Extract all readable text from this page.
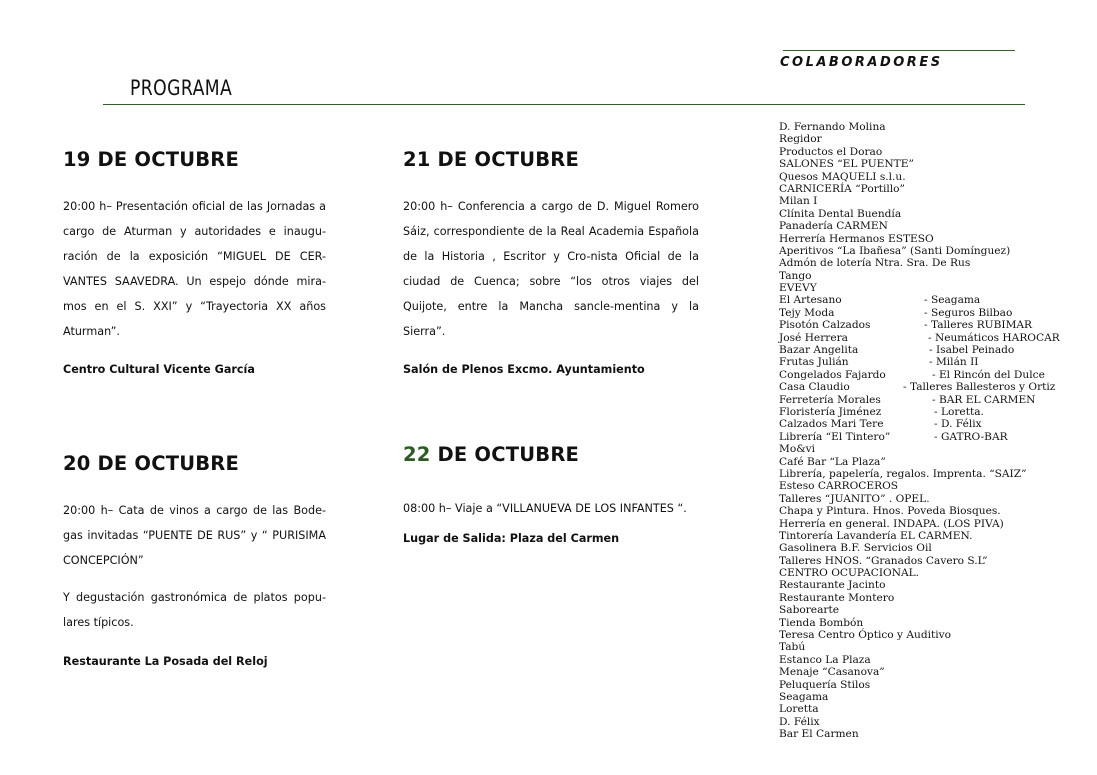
COLABORADORES
PROGRAMA
19 DE OCTUBRE

20:00 h– Presentación oficial de las Jornadas a cargo de Aturman y autoridades e inaugu-ración de la exposición “MIGUEL DE CER-VANTES SAAVEDRA. Un espejo dónde mira-mos en el S. XXI” y “Trayectoria XX años Aturman”.

Centro Cultural Vicente García
20 DE OCTUBRE

20:00 h– Cata de vinos a cargo de las Bode-gas invitadas “PUENTE DE RUS” y “ PURISIMA CONCEPCIÓN”

Y degustación gastronómica de platos popu-lares típicos.

Restaurante La Posada del Reloj
21 DE OCTUBRE

20:00 h– Conferencia a cargo de D. Miguel Romero Sáiz, correspondiente de la Real Academia Española de la Historia , Escritor y Cro-nista Oficial de la ciudad de Cuenca; sobre “los otros viajes del Quijote, entre la Mancha sancle-mentina y la Sierra”.

Salón de Plenos Excmo. Ayuntamiento
22 DE OCTUBRE

08:00 h– Viaje a “VILLANUEVA DE LOS INFANTES “.

Lugar de Salida: Plaza del Carmen
D. Fernando Molina
Regidor
Productos el Dorao
SALONES “EL PUENTE”
Quesos MAQUELI s.l.u.
CARNICERÍA “Portillo”
Milan I
Clínita Dental Buendía
Panadería CARMEN
Herrería Hermanos ESTESO
Aperitivos “La Ibañesa” (Santi Domínguez)
Admón de lotería Ntra. Sra. De Rus
Tango
EVEVY
El Artesano	- Seagama
Tejy Moda	- Seguros Bilbao
Pisotón Calzados	- Talleres RUBIMAR
José Herrera	- Neumáticos HAROCAR
Bazar Angelita	- Isabel Peinado
Frutas Julián	- Milán II
Congelados Fajardo	- El Rincón del Dulce
Casa Claudio	- Talleres Ballesteros y Ortiz
Ferretería Morales	- BAR EL CARMEN
Floristería Jiménez	- Loretta.
Calzados Mari Tere	- D. Félix
Librería “El Tintero”	- GATRO-BAR
Mo&vi
Café Bar “La Plaza”
Librería, papelería, regalos. Imprenta. “SAIZ”
Esteso CARROCEROS
Talleres “JUANITO” . OPEL.
Chapa y Pintura. Hnos. Poveda Biosques.
Herrería en general. INDAPA. (LOS PIVA)
Tintorería Lavandería EL CARMEN.
Gasolinera B.F. Servicios Oil
Talleres HNOS. “Granados Cavero S.L”
CENTRO OCUPACIONAL.
Restaurante Jacinto
Restaurante Montero
Saborearte
Tienda Bombón
Teresa Centro Óptico y Auditivo
Tabú
Estanco La Plaza
Menaje “Casanova”
Peluquería Stilos
Seagama
Loretta
D. Félix
Bar El Carmen
